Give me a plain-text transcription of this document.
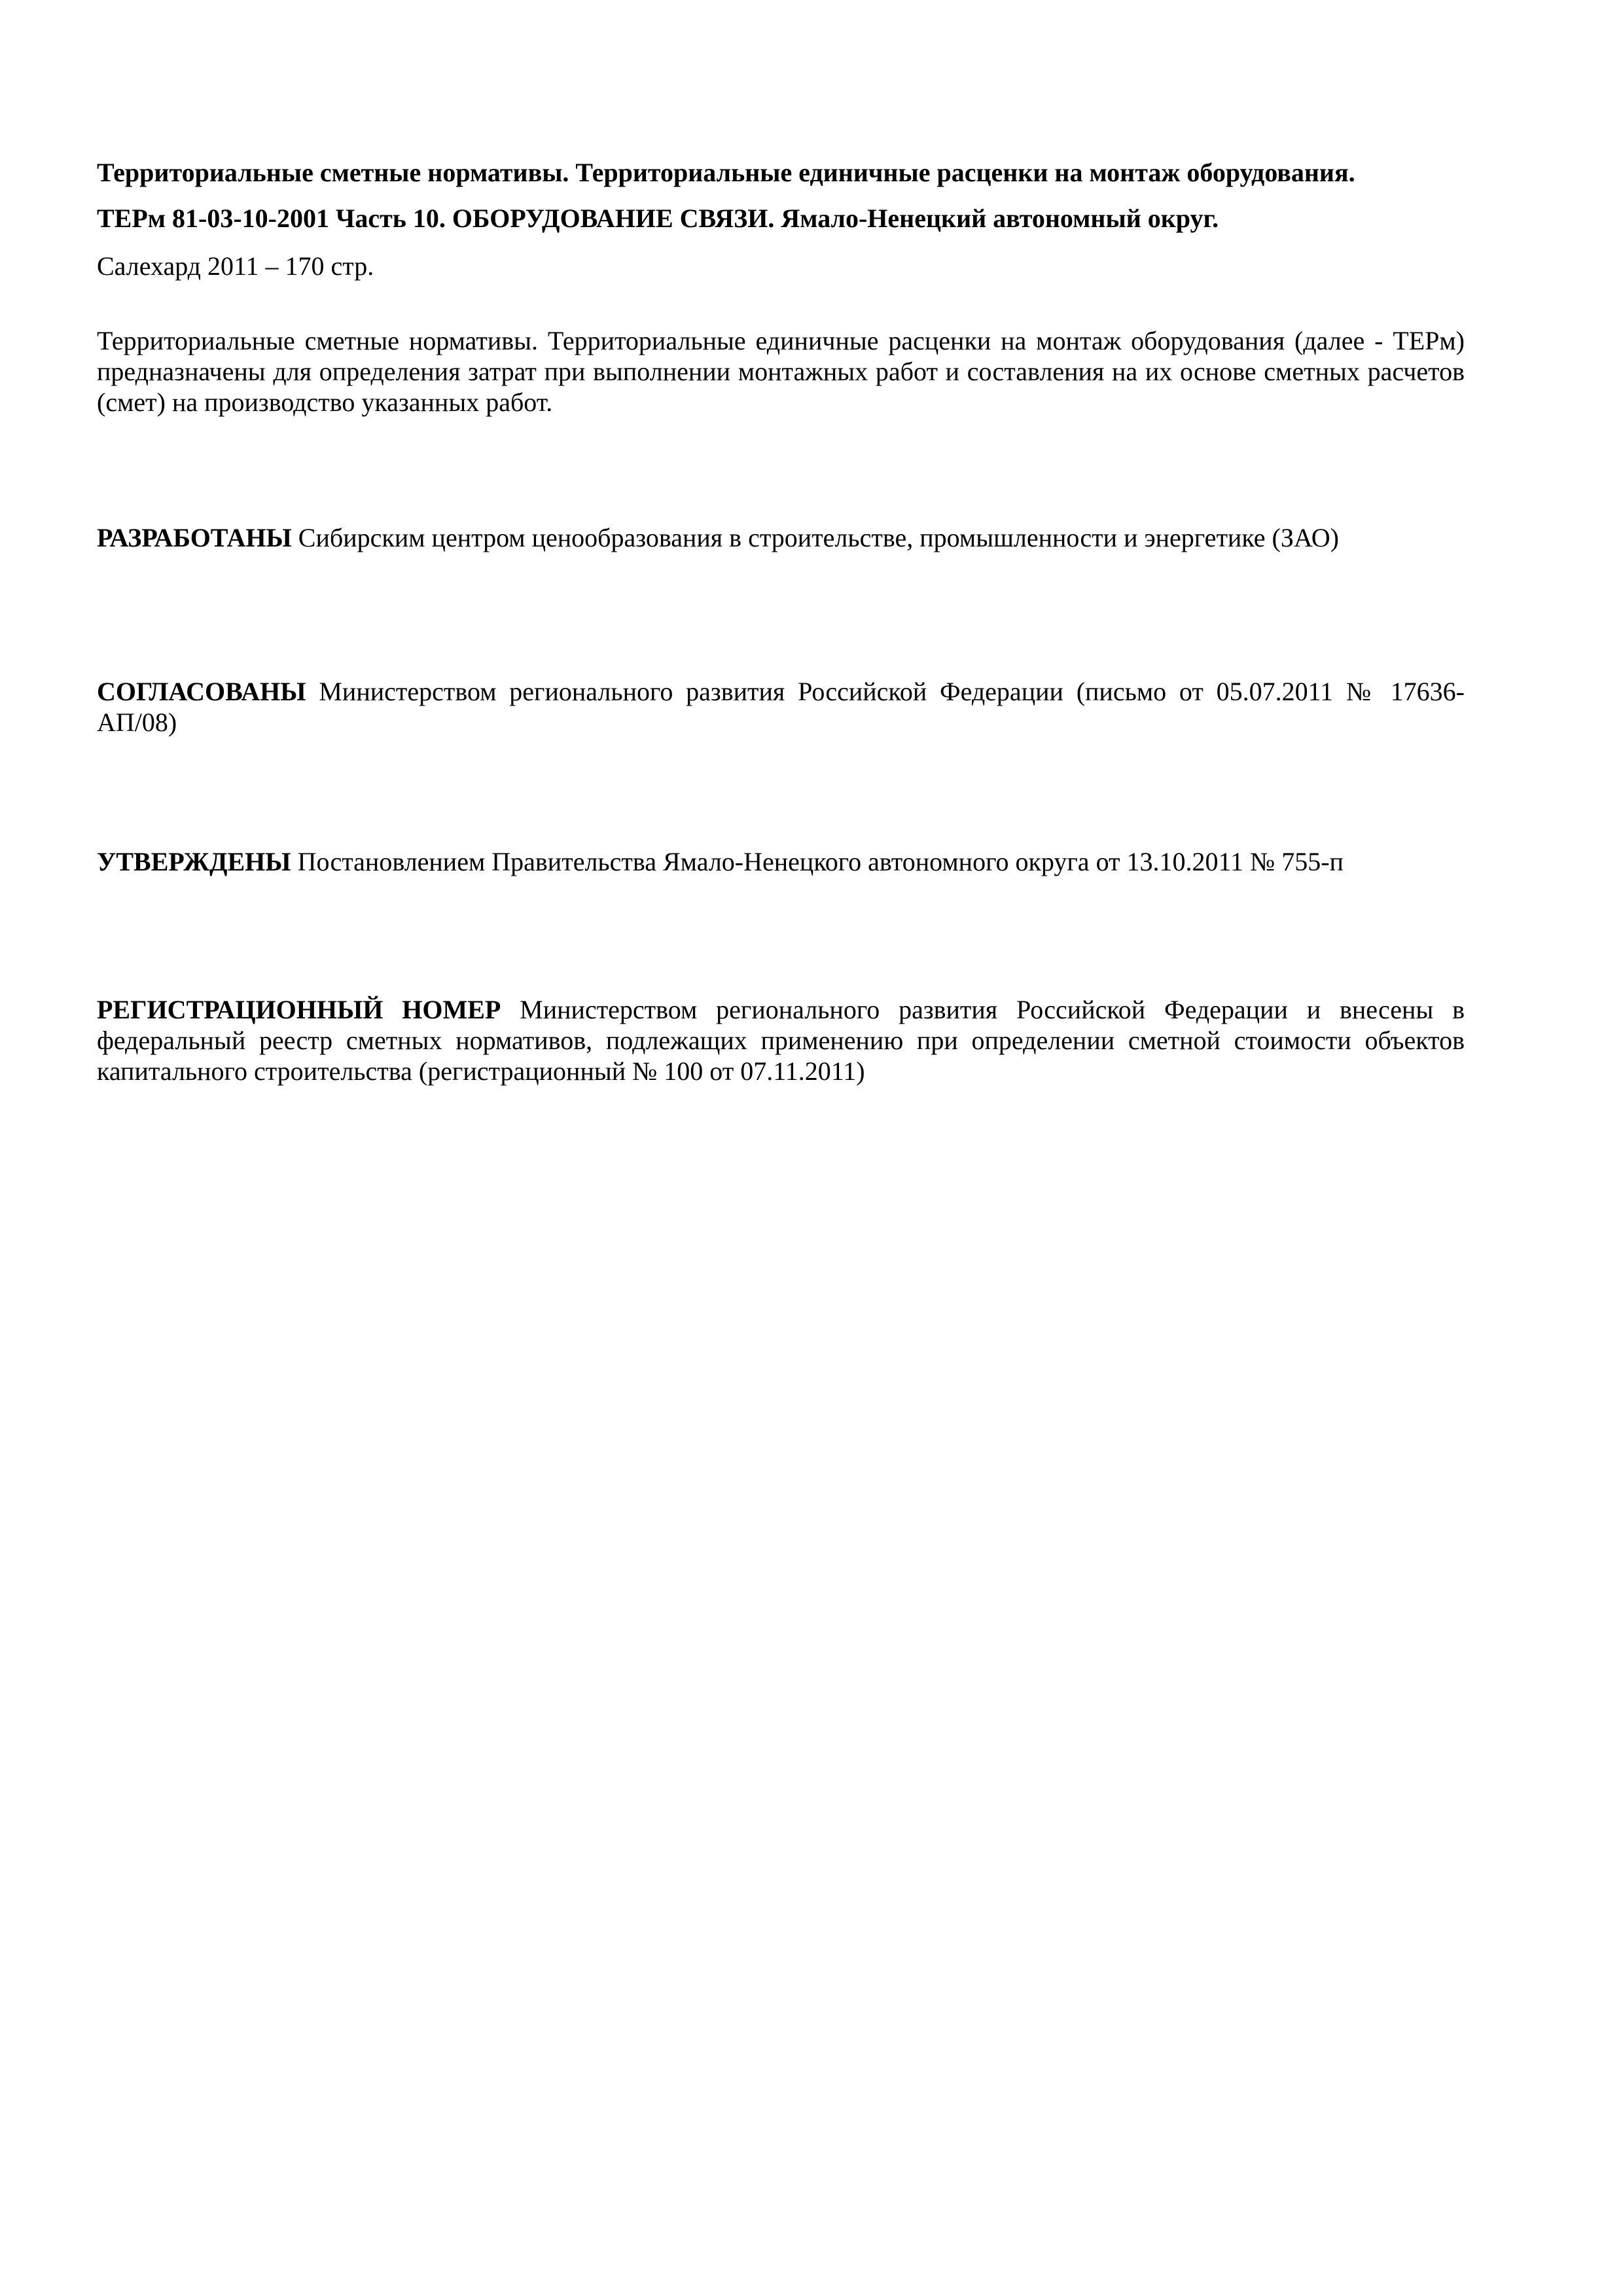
Территориальные сметные нормативы. Территориальные единичные расценки на монтаж оборудования.

ТЕРм 81-03-10-2001 Часть 10. ОБОРУДОВАНИЕ СВЯЗИ. Ямало-Ненецкий автономный округ.

Салехард 2011 – 170 стр.

Территориальные сметные нормативы. Территориальные единичные расценки на монтаж оборудования (далее - ТЕРм) предназначены для определения затрат при выполнении монтажных работ и составления на их основе сметных расчетов (смет) на производство указанных работ.

РАЗРАБОТАНЫ Сибирским центром ценообразования в строительстве, промышленности и энергетике (ЗАО)

СОГЛАСОВАНЫ Министерством регионального развития Российской Федерации (письмо от 05.07.2011 № 17636-АП/08)

УТВЕРЖДЕНЫ Постановлением Правительства Ямало-Ненецкого автономного округа от 13.10.2011 № 755-п

РЕГИСТРАЦИОННЫЙ НОМЕР Министерством регионального развития Российской Федерации и внесены в федеральный реестр сметных нормативов, подлежащих применению при определении сметной стоимости объектов капитального строительства (регистрационный № 100 от 07.11.2011)
